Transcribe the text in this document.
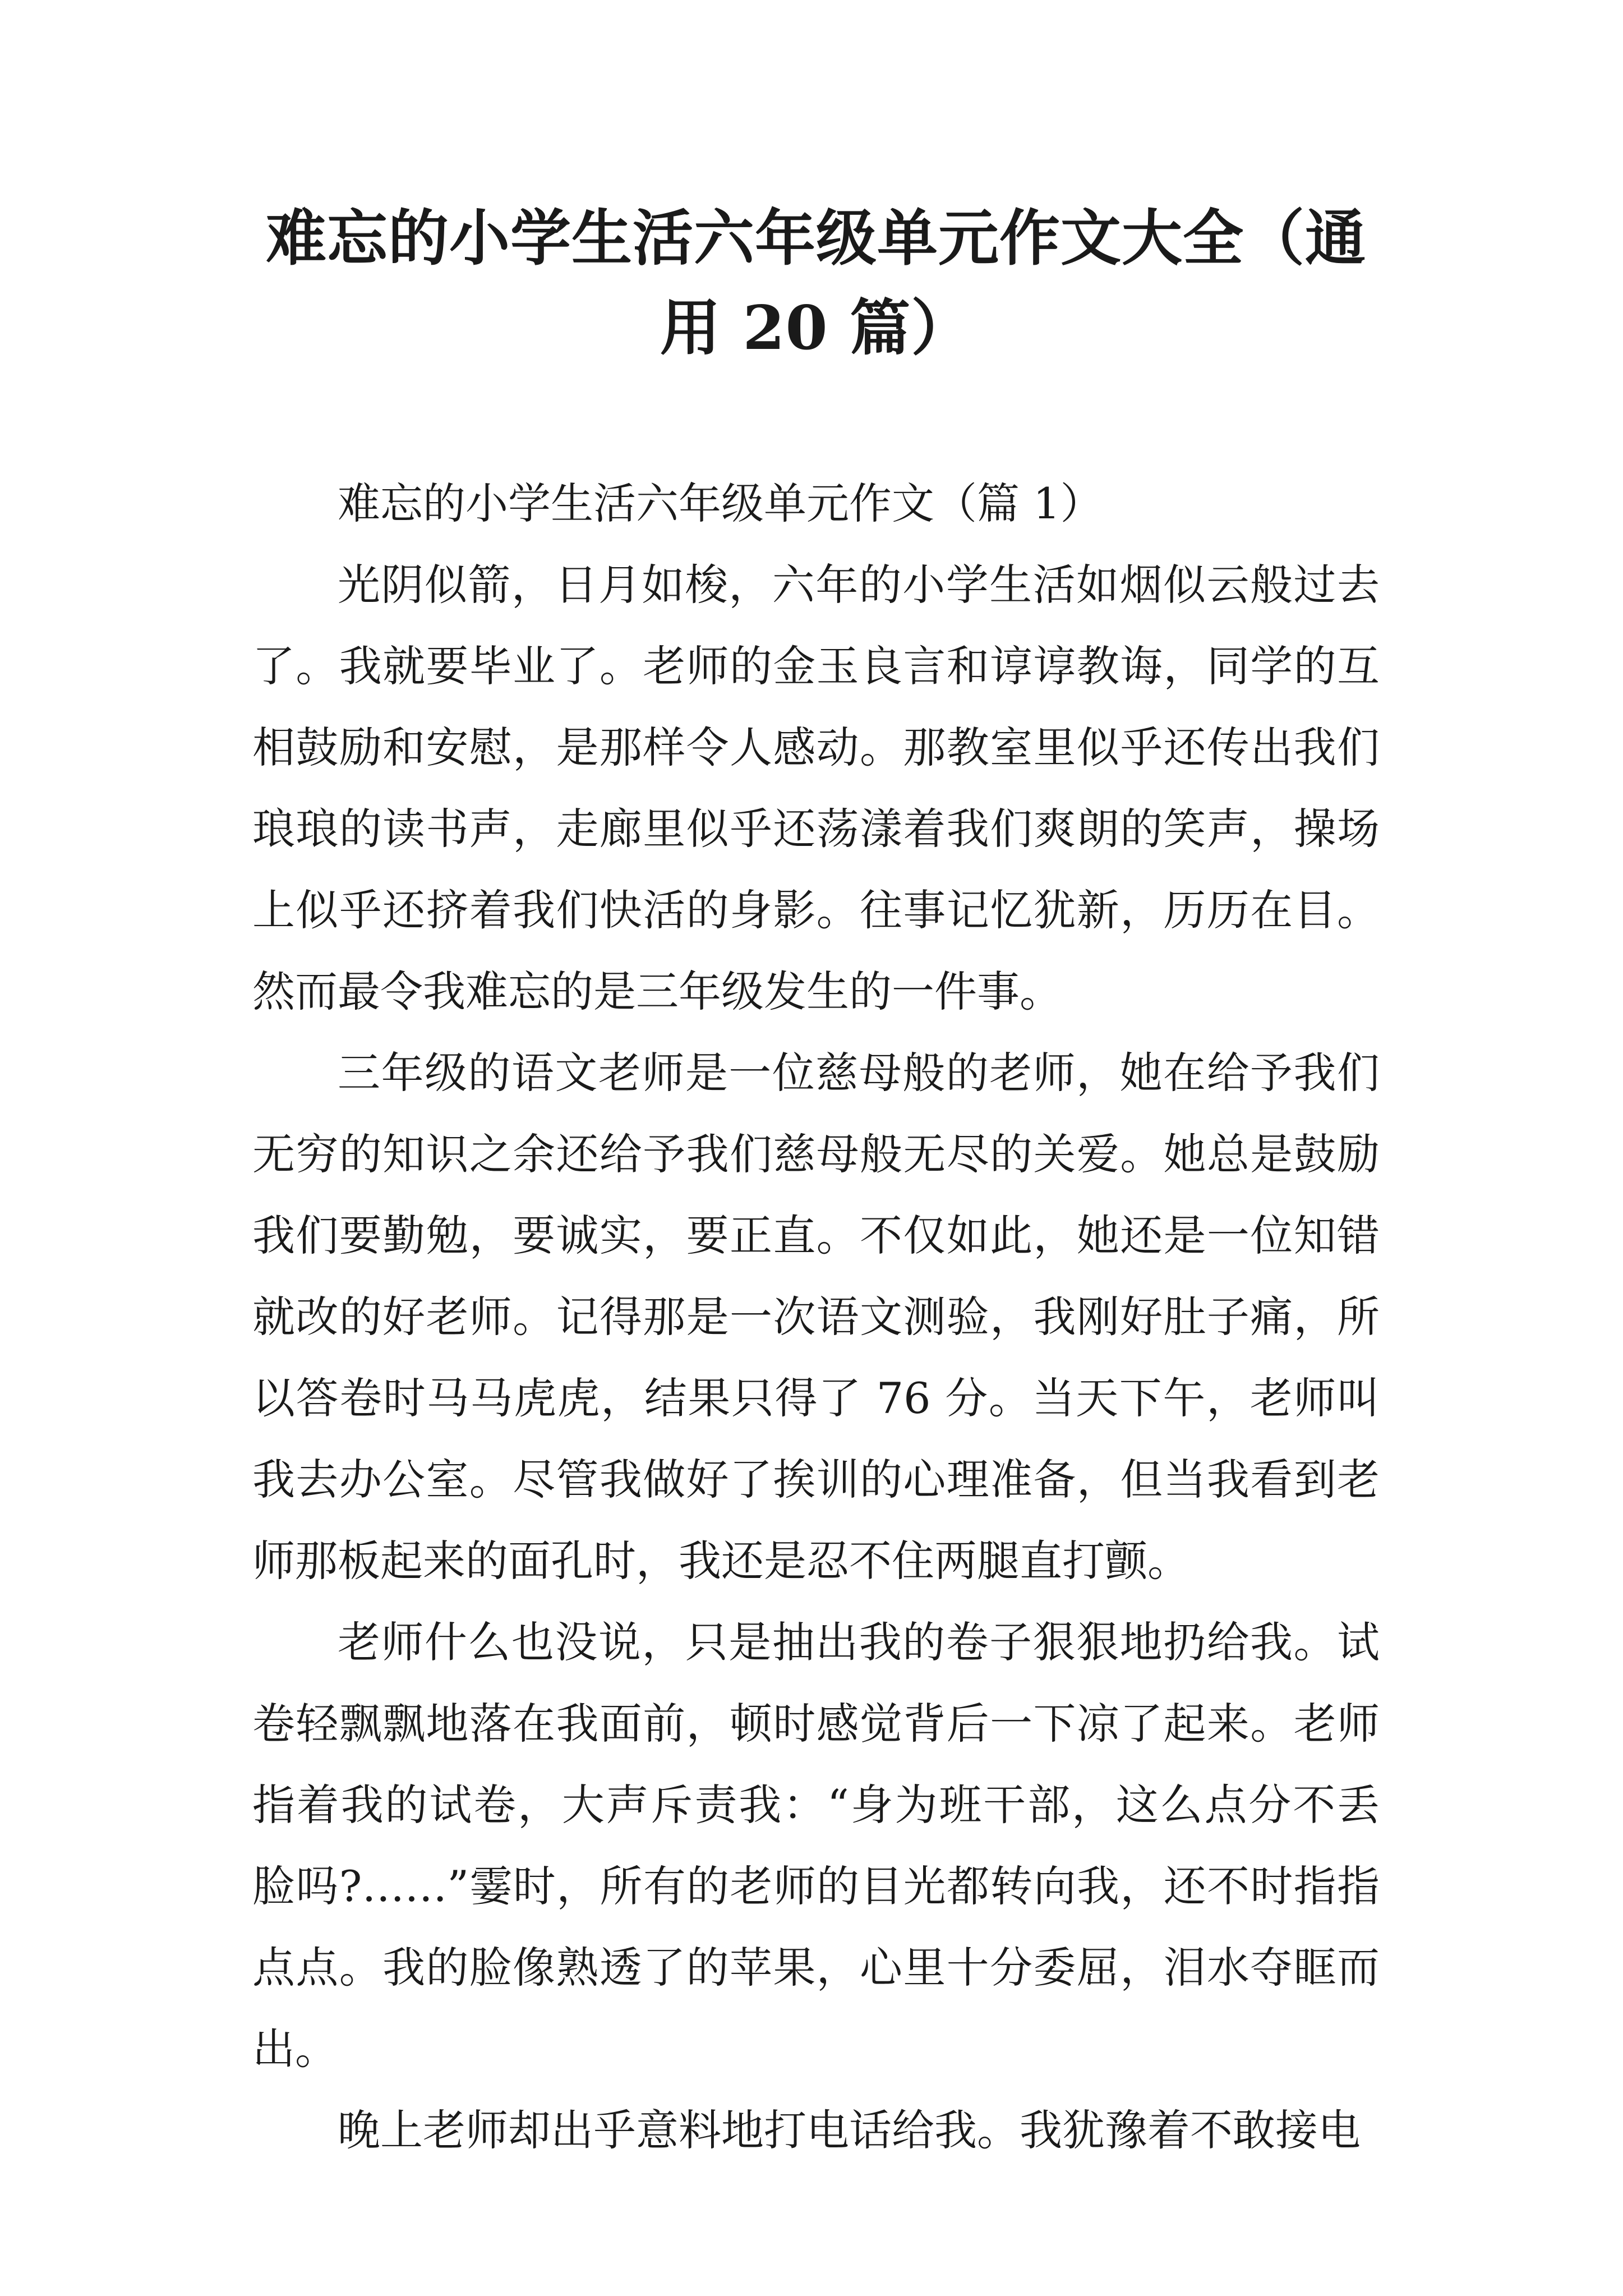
难忘的小学生活六年级单元作文大全（通用 20 篇）

难忘的小学生活六年级单元作文（篇 1）

光阴似箭，日月如梭，六年的小学生活如烟似云般过去了。我就要毕业了。老师的金玉良言和谆谆教诲，同学的互相鼓励和安慰，是那样令人感动。那教室里似乎还传出我们琅琅的读书声，走廊里似乎还荡漾着我们爽朗的笑声，操场上似乎还挤着我们快活的身影。往事记忆犹新，历历在目。然而最令我难忘的是三年级发生的一件事。

三年级的语文老师是一位慈母般的老师，她在给予我们无穷的知识之余还给予我们慈母般无尽的关爱。她总是鼓励我们要勤勉，要诚实，要正直。不仅如此，她还是一位知错就改的好老师。记得那是一次语文测验，我刚好肚子痛，所以答卷时马马虎虎，结果只得了 76 分。当天下午，老师叫我去办公室。尽管我做好了挨训的心理准备，但当我看到老师那板起来的面孔时，我还是忍不住两腿直打颤。

老师什么也没说，只是抽出我的卷子狠狠地扔给我。试卷轻飘飘地落在我面前，顿时感觉背后一下凉了起来。老师指着我的试卷，大声斥责我：“身为班干部，这么点分不丢脸吗?……”霎时，所有的老师的目光都转向我，还不时指指点点。我的脸像熟透了的苹果，心里十分委屈，泪水夺眶而出。

晚上老师却出乎意料地打电话给我。我犹豫着不敢接电
